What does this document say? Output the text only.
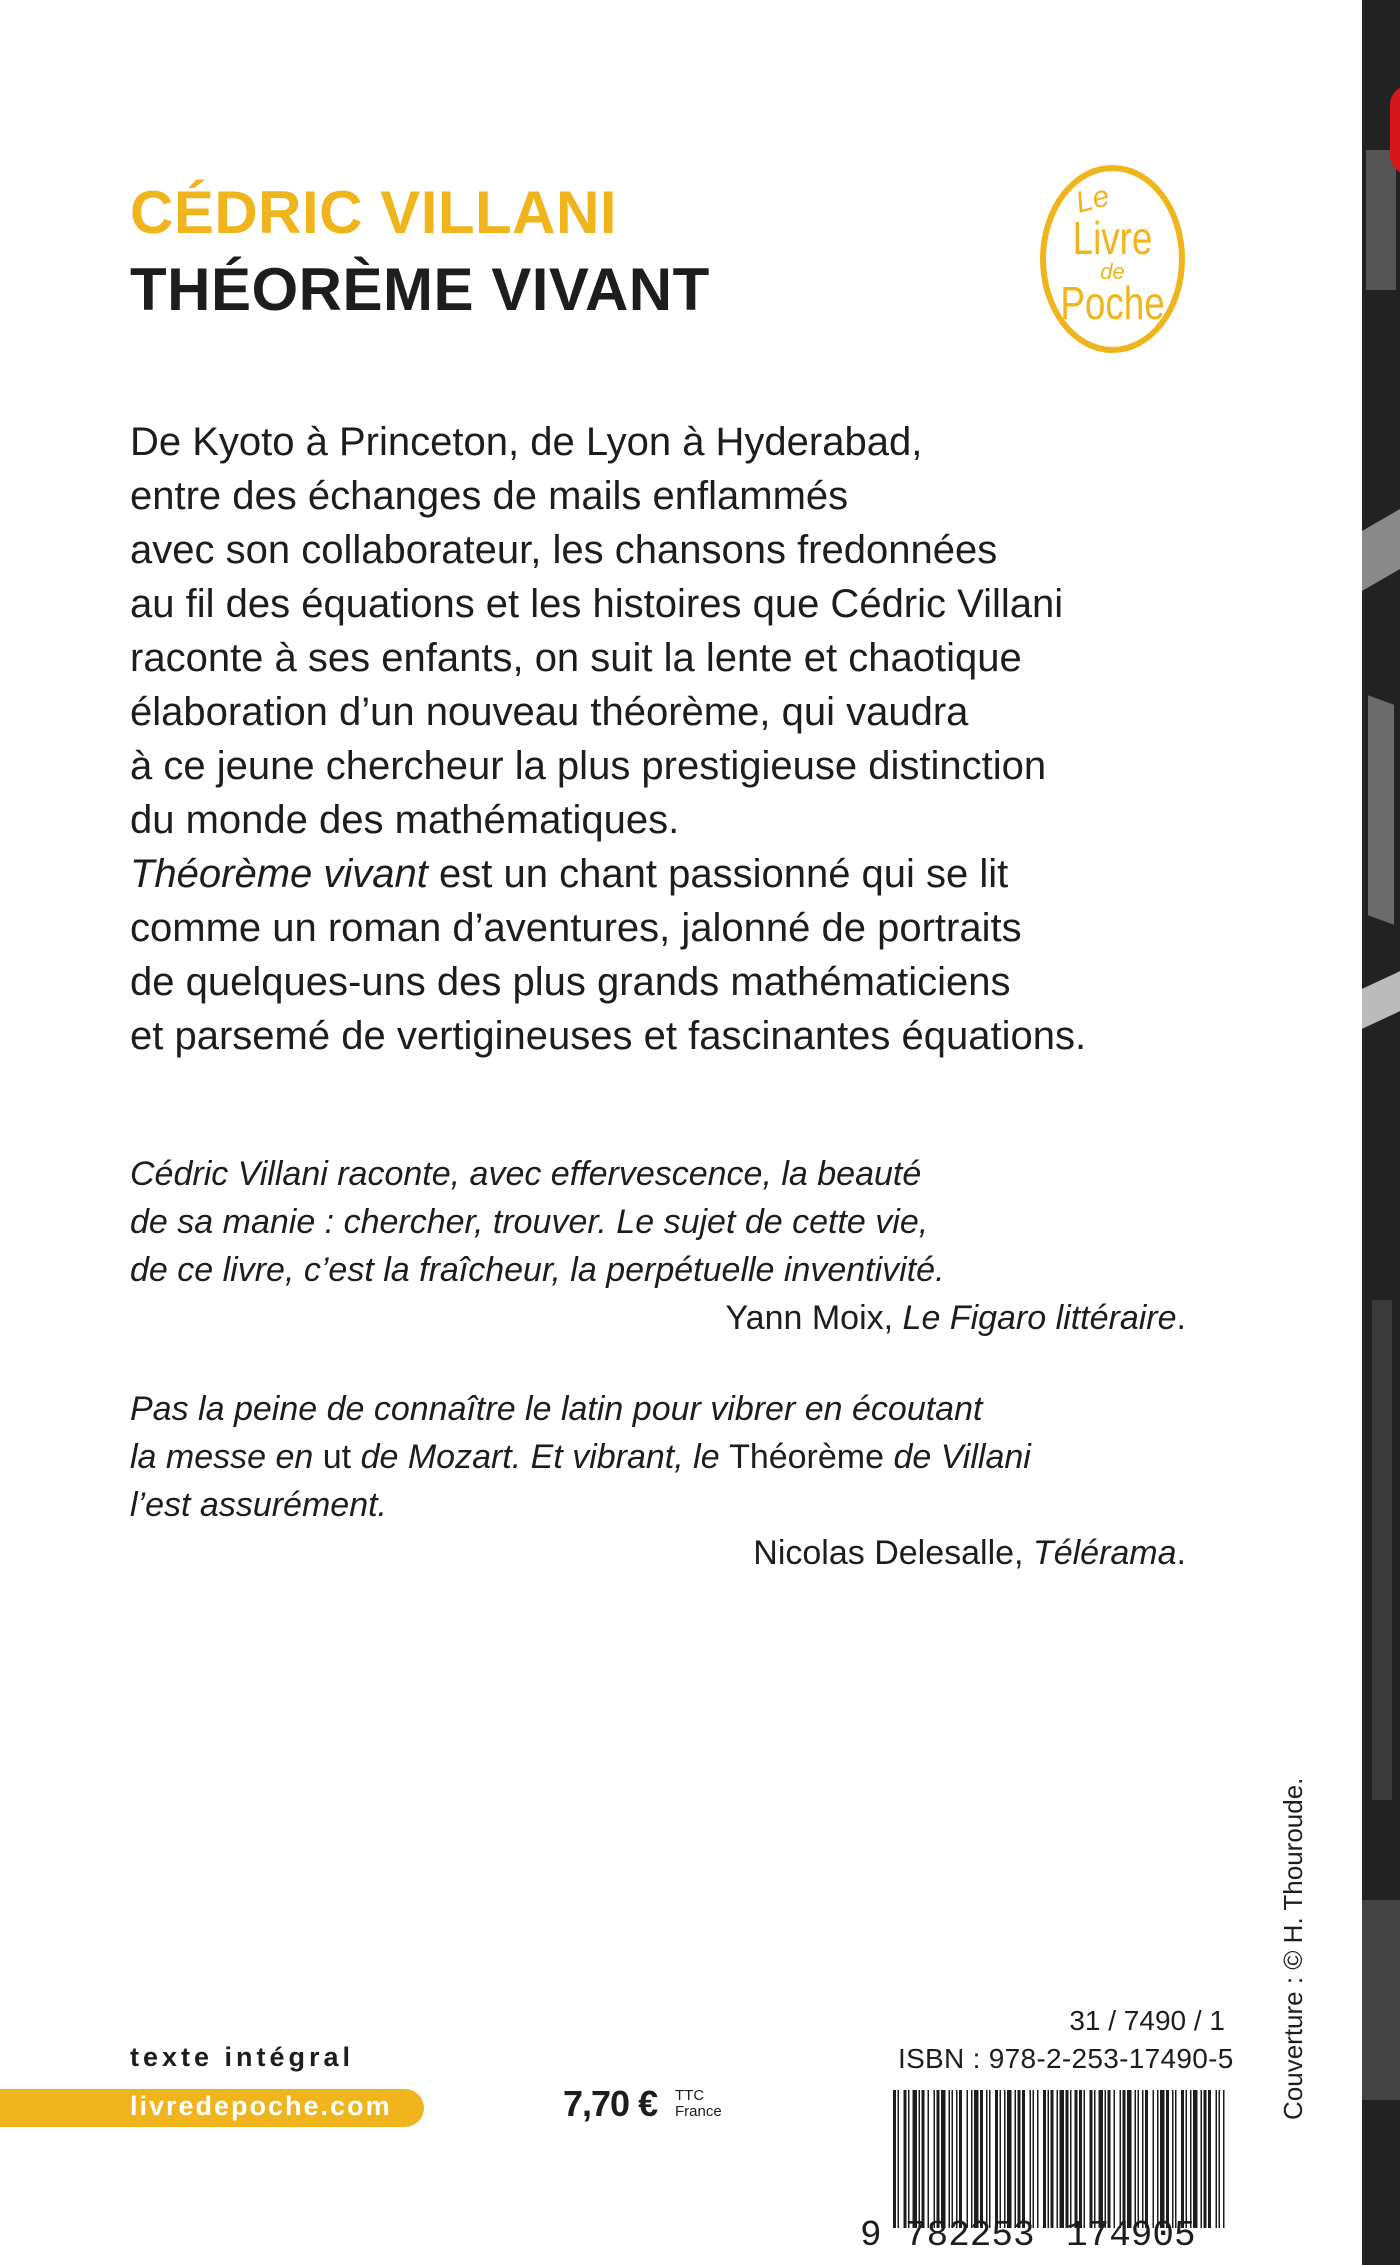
CÉDRIC VILLANI
THÉORÈME VIVANT
Le
Livre
de
Poche

De Kyoto à Princeton, de Lyon à Hyderabad,

entre des échanges de mails enflammés

avec son collaborateur, les chansons fredonnées

au fil des équations et les histoires que Cédric Villani

raconte à ses enfants, on suit la lente et chaotique

élaboration d’un nouveau théorème, qui vaudra

à ce jeune chercheur la plus prestigieuse distinction

du monde des mathématiques.

Théorème vivant est un chant passionné qui se lit

comme un roman d’aventures, jalonné de portraits

de quelques-uns des plus grands mathématiciens

et parsemé de vertigineuses et fascinantes équations.

Cédric Villani raconte, avec effervescence, la beauté

de sa manie : chercher, trouver. Le sujet de cette vie,

de ce livre, c’est la fraîcheur, la perpétuelle inventivité.

Yann Moix, Le Figaro littéraire.

Pas la peine de connaître le latin pour vibrer en écoutant

la messe en ut de Mozart. Et vibrant, le Théorème de Villani

l’est assurément.

Nicolas Delesalle, Télérama.
Couverture : © H. Thouroude.
texte intégral
livredepoche.com	7,70 € TTC
France
31 / 7490 / 1
ISBN : 978-2-253-17490-5
9 782253 174905
